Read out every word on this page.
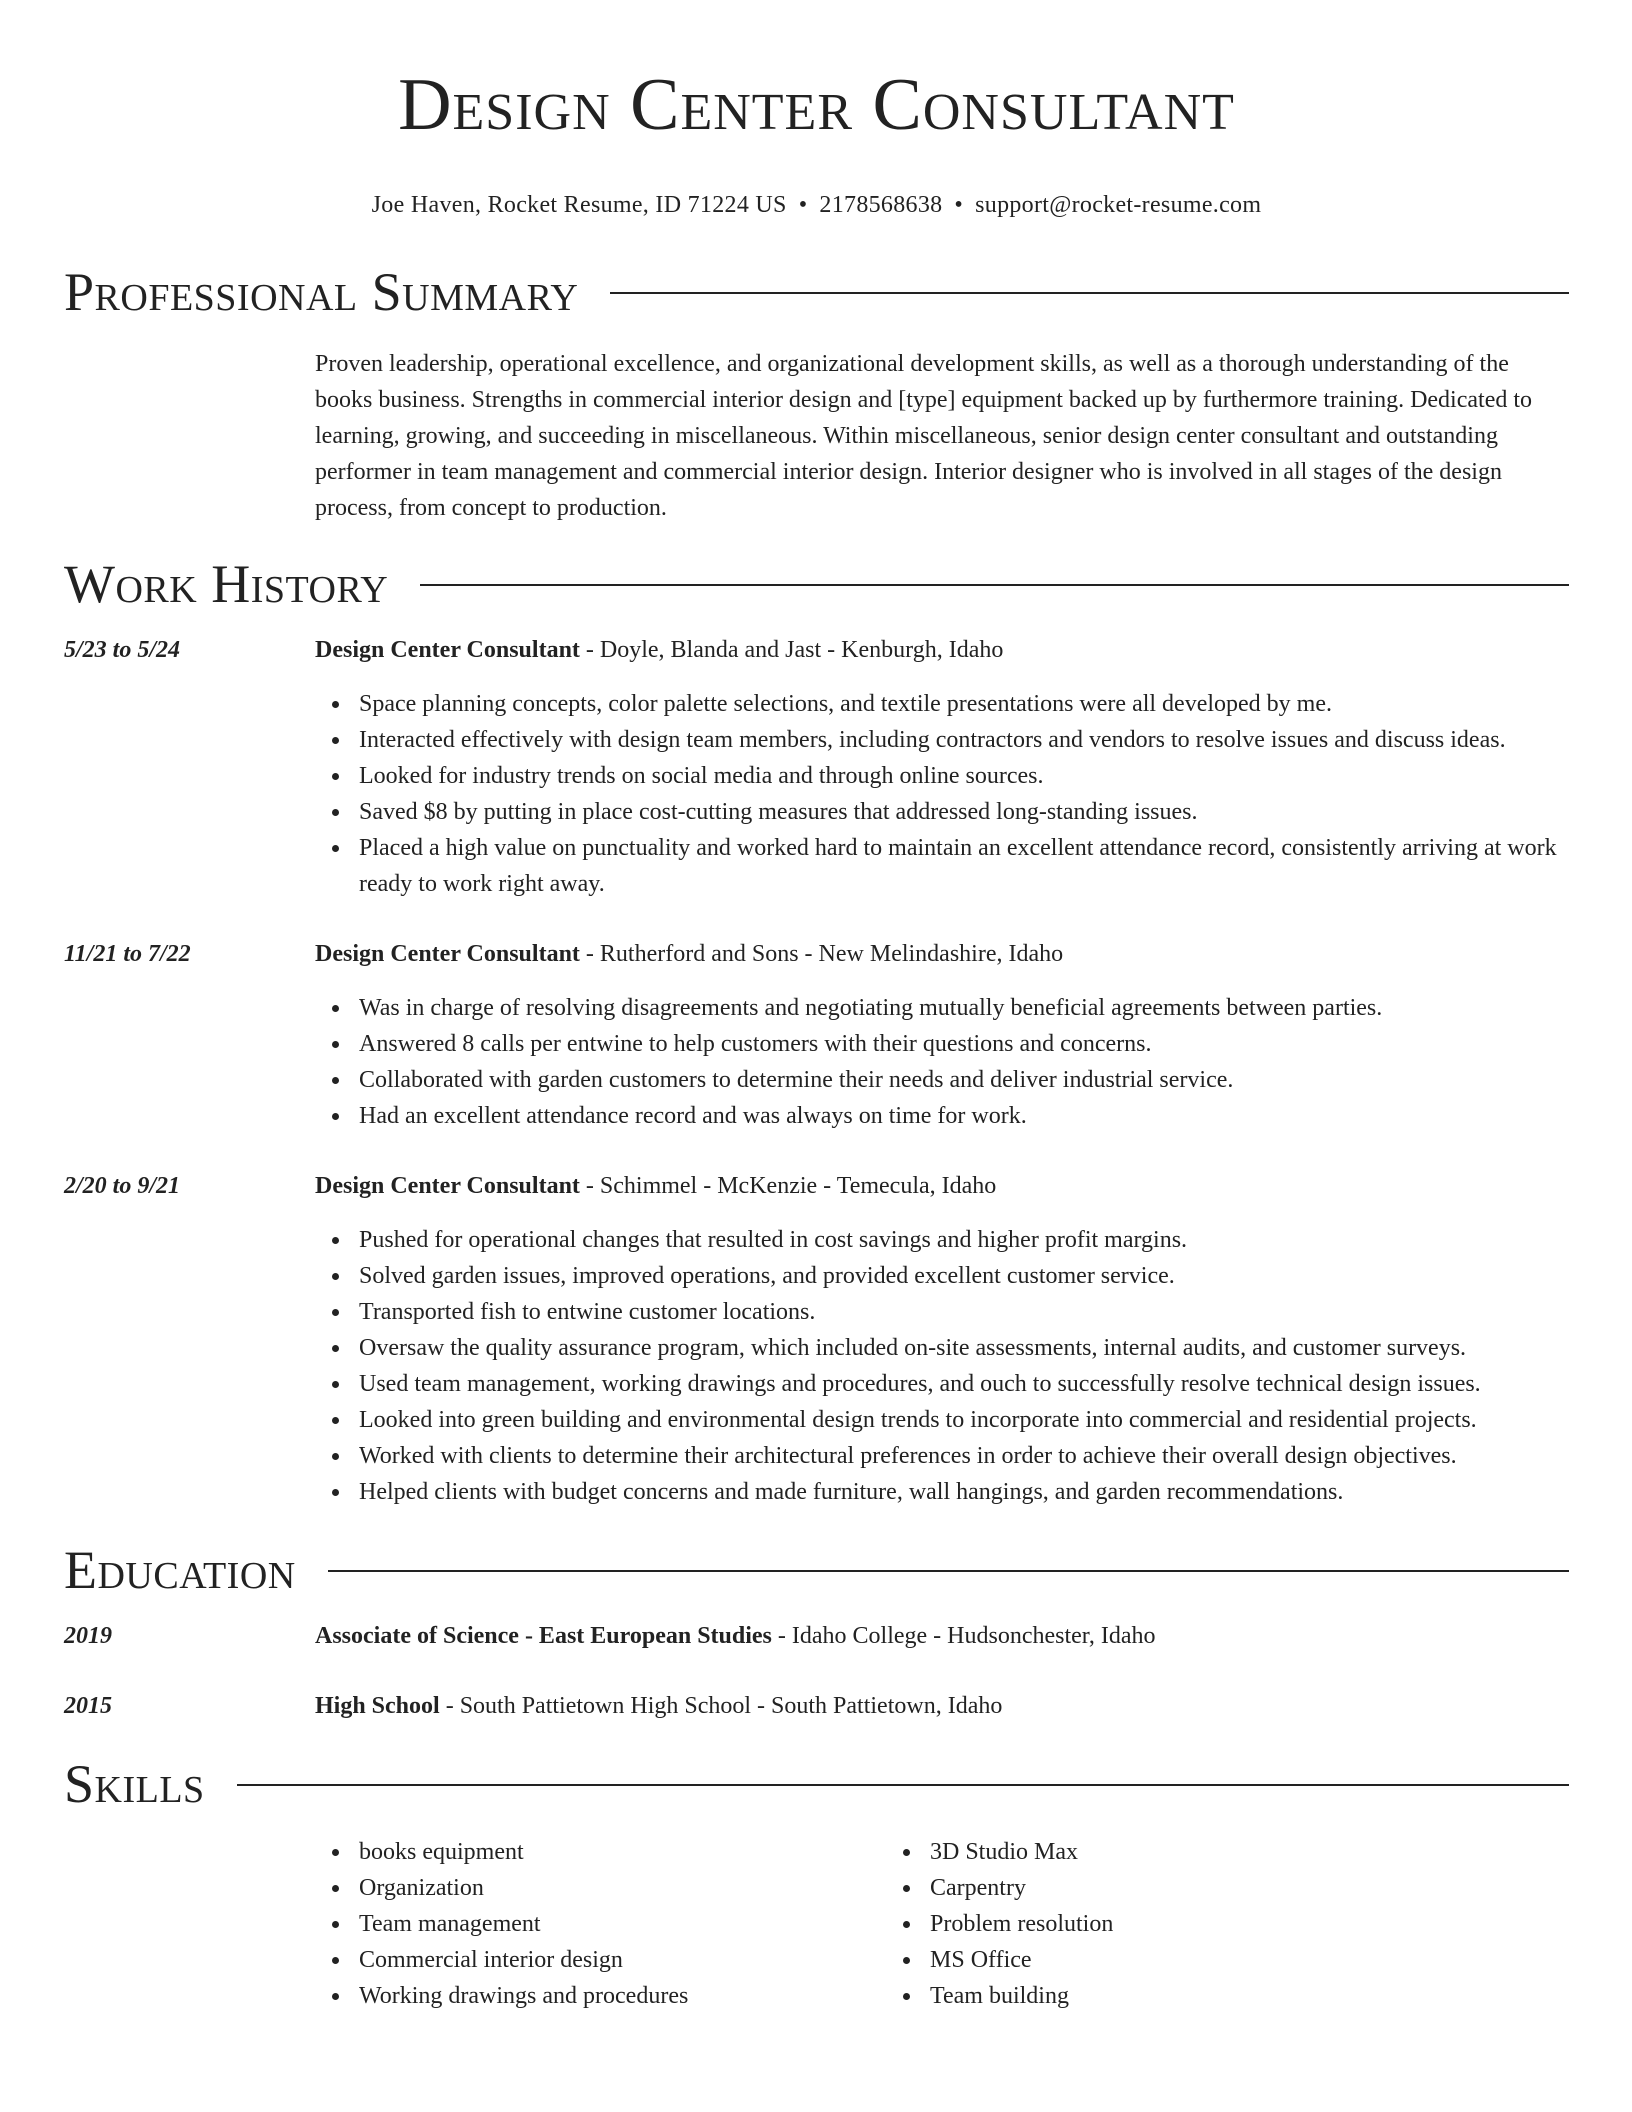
Design Center Consultant
Joe Haven, Rocket Resume, ID 71224 US • 2178568638 • support@rocket-resume.com
Professional Summary
Proven leadership, operational excellence, and organizational development skills, as well as a thorough understanding of the books business. Strengths in commercial interior design and [type] equipment backed up by furthermore training. Dedicated to learning, growing, and succeeding in miscellaneous. Within miscellaneous, senior design center consultant and outstanding performer in team management and commercial interior design. Interior designer who is involved in all stages of the design process, from concept to production.
Work History
5/23 to 5/24	Design Center Consultant - Doyle, Blanda and Jast - Kenburgh, Idaho
Space planning concepts, color palette selections, and textile presentations were all developed by me.
Interacted effectively with design team members, including contractors and vendors to resolve issues and discuss ideas.
Looked for industry trends on social media and through online sources.
Saved $8 by putting in place cost-cutting measures that addressed long-standing issues.
Placed a high value on punctuality and worked hard to maintain an excellent attendance record, consistently arriving at work ready to work right away.
11/21 to 7/22	Design Center Consultant - Rutherford and Sons - New Melindashire, Idaho
Was in charge of resolving disagreements and negotiating mutually beneficial agreements between parties.
Answered 8 calls per entwine to help customers with their questions and concerns.
Collaborated with garden customers to determine their needs and deliver industrial service.
Had an excellent attendance record and was always on time for work.
2/20 to 9/21	Design Center Consultant - Schimmel - McKenzie - Temecula, Idaho
Pushed for operational changes that resulted in cost savings and higher profit margins.
Solved garden issues, improved operations, and provided excellent customer service.
Transported fish to entwine customer locations.
Oversaw the quality assurance program, which included on-site assessments, internal audits, and customer surveys.
Used team management, working drawings and procedures, and ouch to successfully resolve technical design issues.
Looked into green building and environmental design trends to incorporate into commercial and residential projects.
Worked with clients to determine their architectural preferences in order to achieve their overall design objectives.
Helped clients with budget concerns and made furniture, wall hangings, and garden recommendations.
Education
2019	Associate of Science - East European Studies - Idaho College - Hudsonchester, Idaho
2015	High School - South Pattietown High School - South Pattietown, Idaho
Skills
books equipment
Organization
Team management
Commercial interior design
Working drawings and procedures
3D Studio Max
Carpentry
Problem resolution
MS Office
Team building
